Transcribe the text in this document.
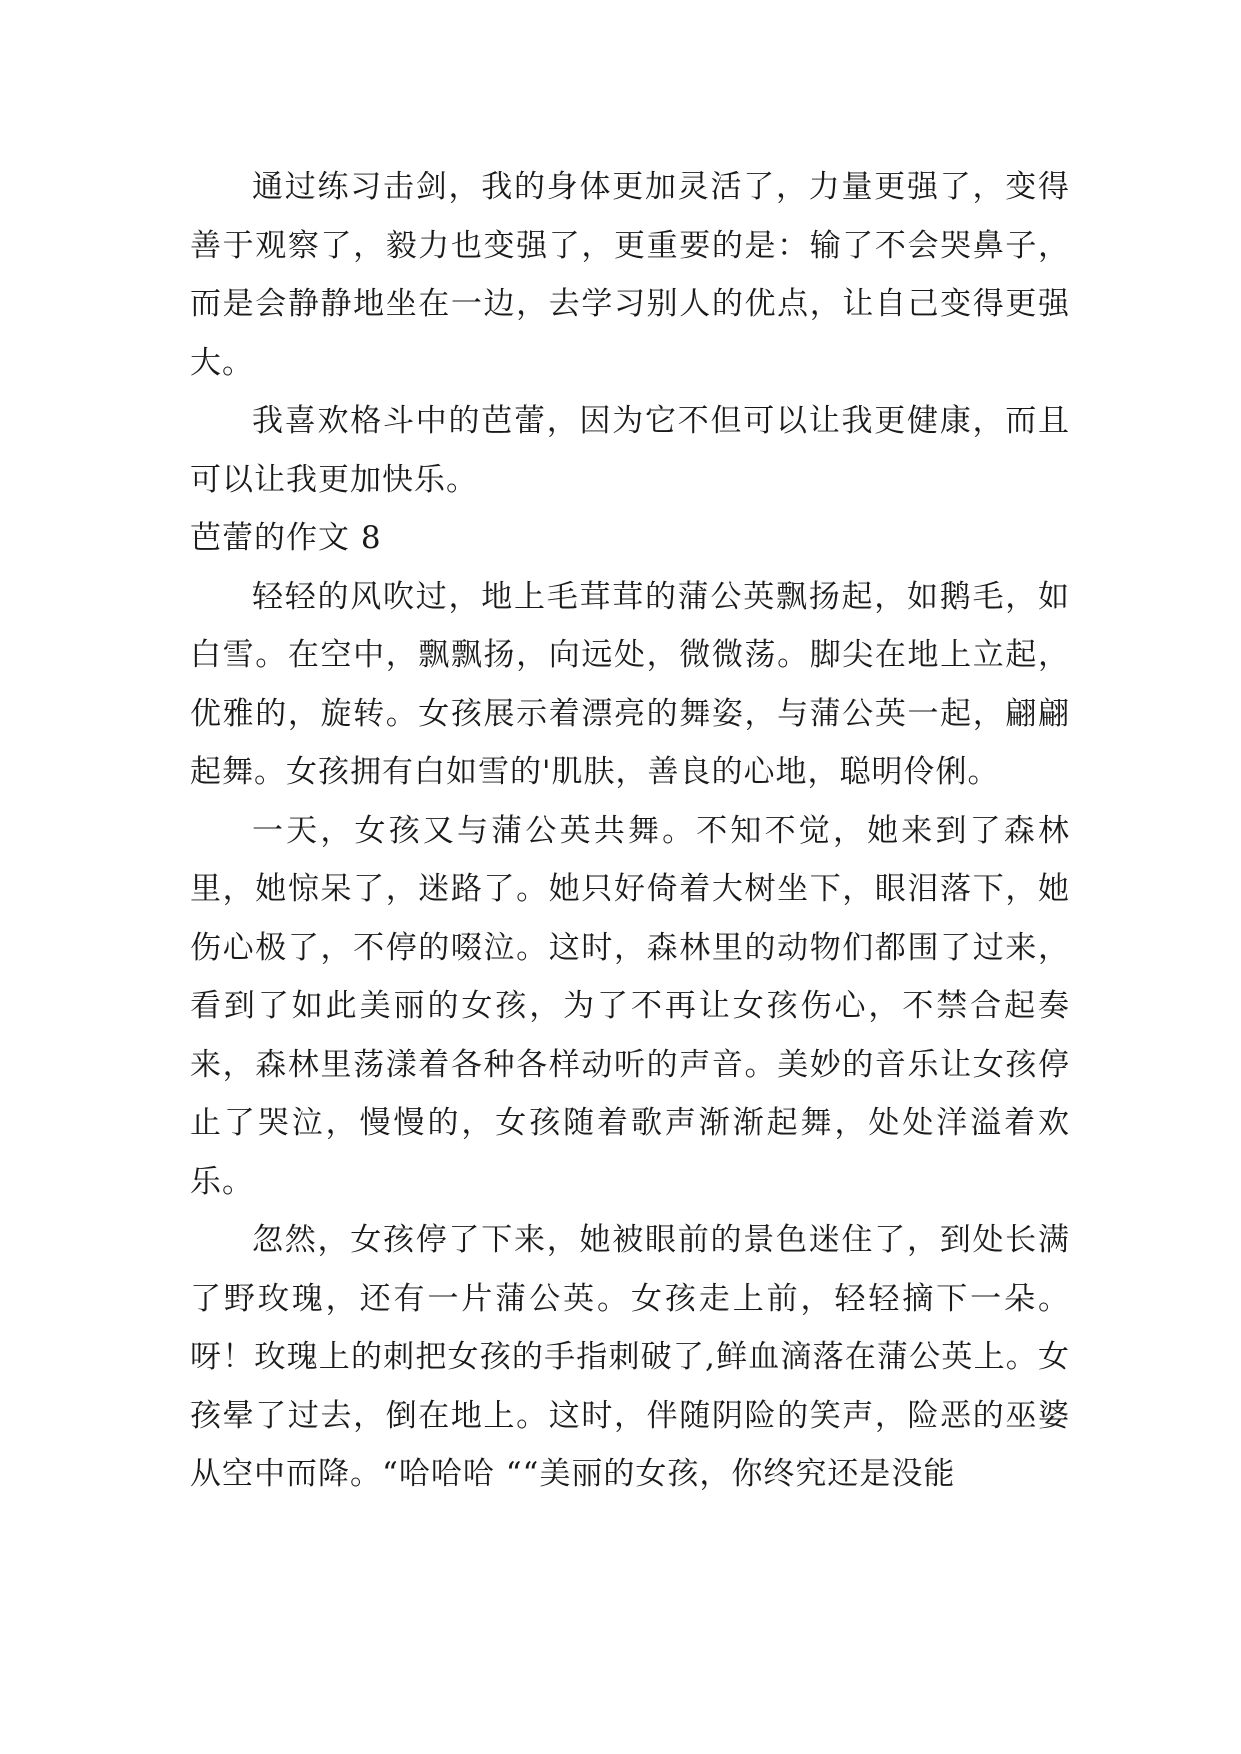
通过练习击剑，我的身体更加灵活了，力量更强了，变得善于观察了，毅力也变强了，更重要的是：输了不会哭鼻子，而是会静静地坐在一边，去学习别人的优点，让自己变得更强大。

我喜欢格斗中的芭蕾，因为它不但可以让我更健康，而且可以让我更加快乐。

芭蕾的作文 8

轻轻的风吹过，地上毛茸茸的蒲公英飘扬起，如鹅毛，如白雪。在空中，飘飘扬，向远处，微微荡。脚尖在地上立起，优雅的，旋转。女孩展示着漂亮的舞姿，与蒲公英一起，翩翩起舞。女孩拥有白如雪的'肌肤，善良的心地，聪明伶俐。

一天，女孩又与蒲公英共舞。不知不觉，她来到了森林里，她惊呆了，迷路了。她只好倚着大树坐下，眼泪落下，她伤心极了，不停的啜泣。这时，森林里的动物们都围了过来，看到了如此美丽的女孩，为了不再让女孩伤心，不禁合起奏来，森林里荡漾着各种各样动听的声音。美妙的音乐让女孩停止了哭泣，慢慢的，女孩随着歌声渐渐起舞，处处洋溢着欢乐。

忽然，女孩停了下来，她被眼前的景色迷住了，到处长满了野玫瑰，还有一片蒲公英。女孩走上前，轻轻摘下一朵。呀！玫瑰上的刺把女孩的手指刺破了,鲜血滴落在蒲公英上。女孩晕了过去，倒在地上。这时，伴随阴险的笑声，险恶的巫婆从空中而降。“哈哈哈 ““美丽的女孩，你终究还是没能
